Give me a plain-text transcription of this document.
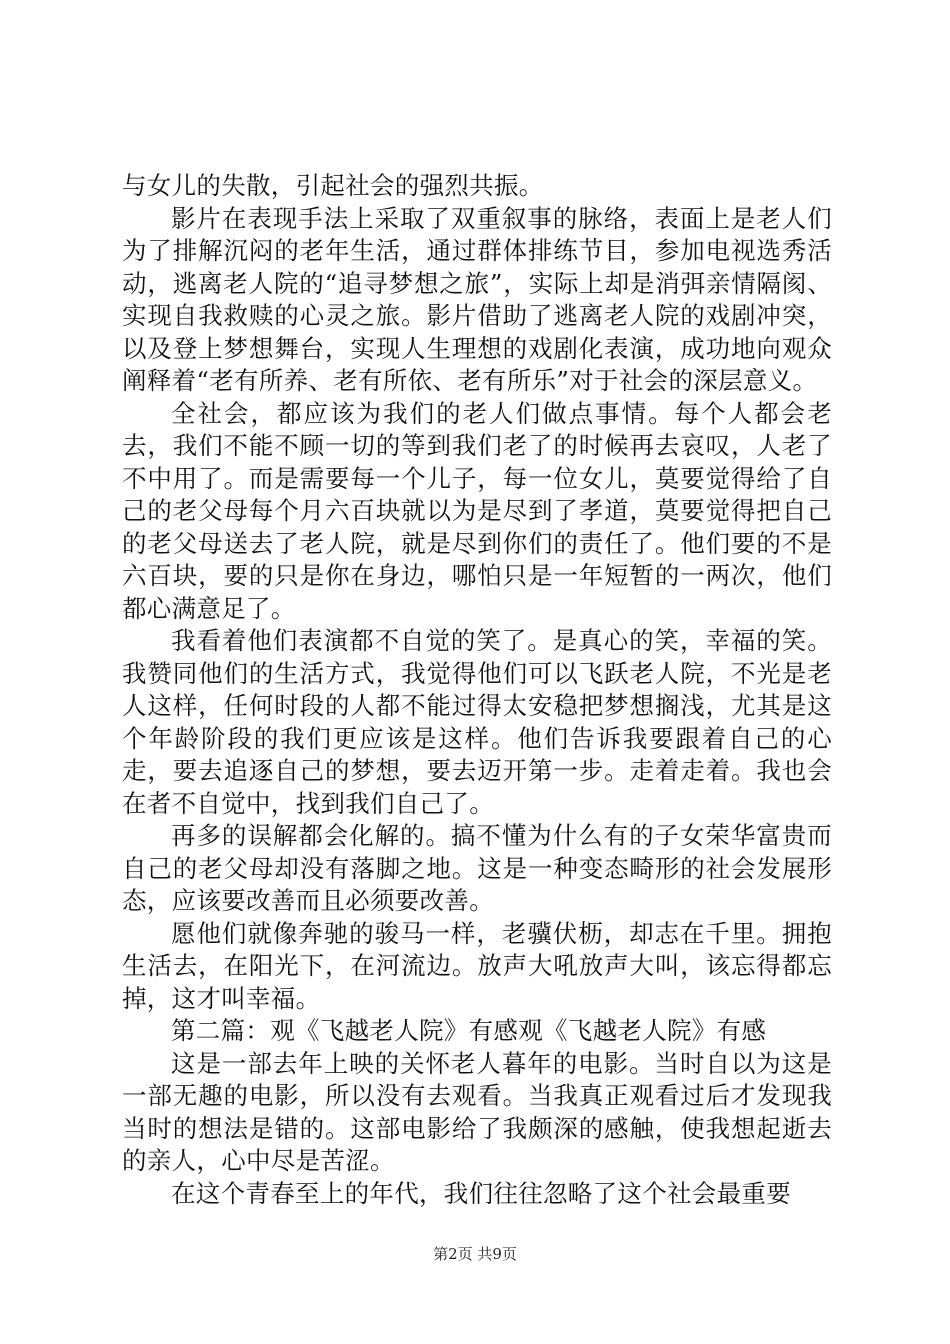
与女儿的失散，引起社会的强烈共振。

影片在表现手法上采取了双重叙事的脉络，表面上是老人们为了排解沉闷的老年生活，通过群体排练节目，参加电视选秀活动，逃离老人院的“追寻梦想之旅”，实际上却是消弭亲情隔阂、实现自我救赎的心灵之旅。影片借助了逃离老人院的戏剧冲突，以及登上梦想舞台，实现人生理想的戏剧化表演，成功地向观众阐释着“老有所养、老有所依、老有所乐”对于社会的深层意义。

全社会，都应该为我们的老人们做点事情。每个人都会老去，我们不能不顾一切的等到我们老了的时候再去哀叹，人老了不中用了。而是需要每一个儿子，每一位女儿，莫要觉得给了自己的老父母每个月六百块就以为是尽到了孝道，莫要觉得把自己的老父母送去了老人院，就是尽到你们的责任了。他们要的不是六百块，要的只是你在身边，哪怕只是一年短暂的一两次，他们都心满意足了。

我看着他们表演都不自觉的笑了。是真心的笑，幸福的笑。我赞同他们的生活方式，我觉得他们可以飞跃老人院，不光是老人这样，任何时段的人都不能过得太安稳把梦想搁浅，尤其是这个年龄阶段的我们更应该是这样。他们告诉我要跟着自己的心走，要去追逐自己的梦想，要去迈开第一步。走着走着。我也会在者不自觉中，找到我们自己了。

再多的误解都会化解的。搞不懂为什么有的子女荣华富贵而自己的老父母却没有落脚之地。这是一种变态畸形的社会发展形态，应该要改善而且必须要改善。

愿他们就像奔驰的骏马一样，老骥伏枥，却志在千里。拥抱生活去，在阳光下，在河流边。放声大吼放声大叫，该忘得都忘掉，这才叫幸福。

第二篇：观《飞越老人院》有感观《飞越老人院》有感

这是一部去年上映的关怀老人暮年的电影。当时自以为这是一部无趣的电影，所以没有去观看。当我真正观看过后才发现我当时的想法是错的。这部电影给了我颇深的感触，使我想起逝去的亲人，心中尽是苦涩。

在这个青春至上的年代，我们往往忽略了这个社会最重要

第2页 共9页
